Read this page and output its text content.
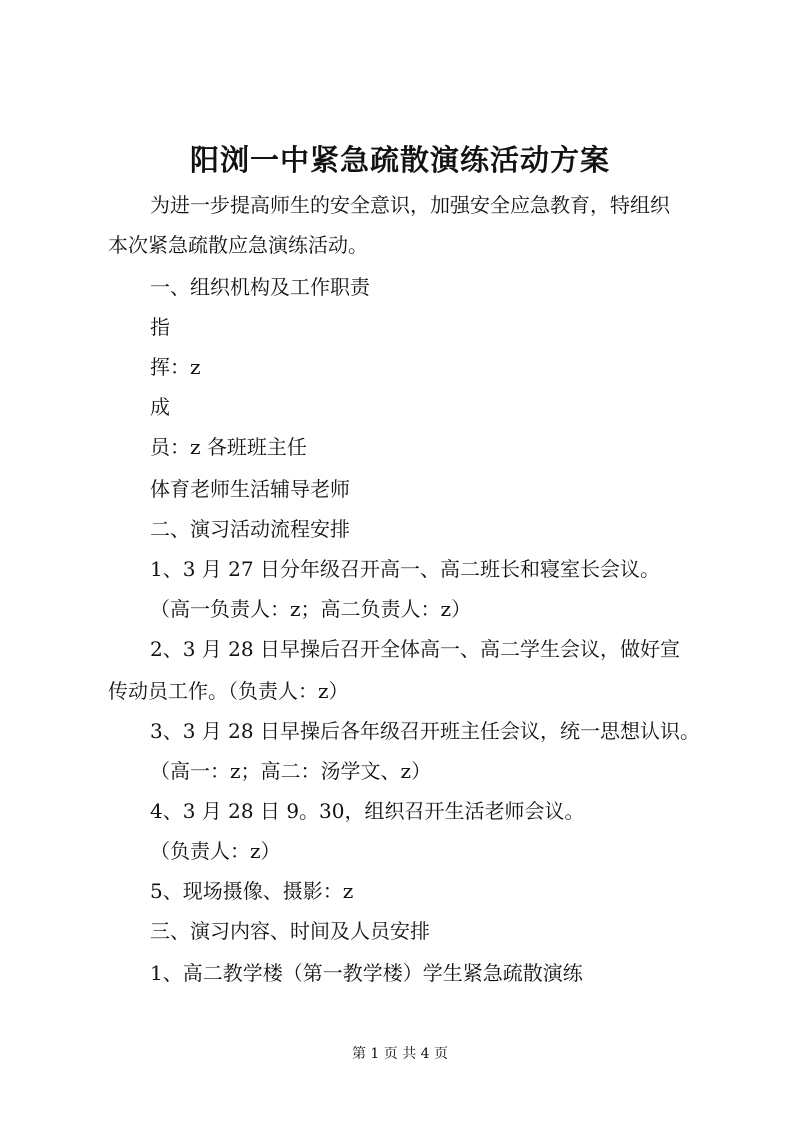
阳浏一中紧急疏散演练活动方案
为进一步提高师生的安全意识，加强安全应急教育，特组织
本次紧急疏散应急演练活动。
一、组织机构及工作职责
指
挥：z
成
员：z 各班班主任
体育老师生活辅导老师
二、演习活动流程安排
1、3 月 27 日分年级召开高一、高二班长和寝室长会议。
（高一负责人：z；高二负责人：z）
2、3 月 28 日早操后召开全体高一、高二学生会议，做好宣
传动员工作。（负责人：z）
3、3 月 28 日早操后各年级召开班主任会议，统一思想认识。
（高一：z；高二：汤学文、z）
4、3 月 28 日 9。30，组织召开生活老师会议。
（负责人：z）
5、现场摄像、摄影：z
三、演习内容、时间及人员安排
1、高二教学楼（第一教学楼）学生紧急疏散演练
第 1 页 共 4 页
